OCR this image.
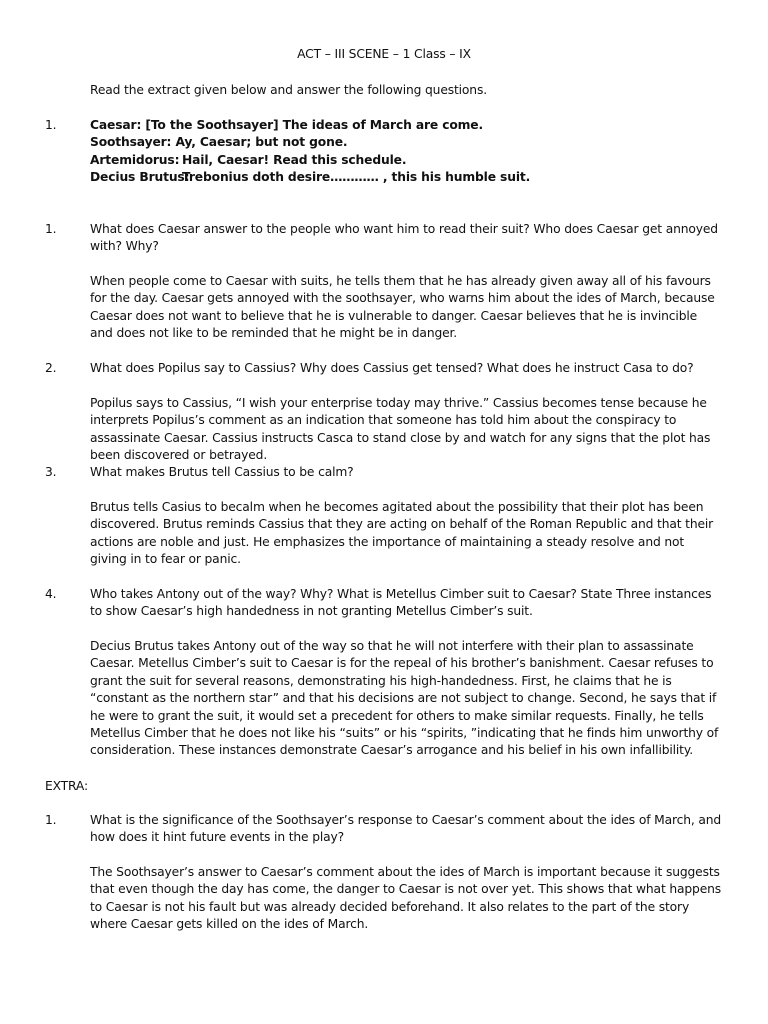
ACT – III SCENE – 1 Class – IX

Read the extract given below and answer the following questions.

1.	Caesar: [To the Soothsayer] The ideas of March are come.
Soothsayer: Ay, Caesar; but not gone.
Artemidorus: Hail, Caesar! Read this schedule.
Decius Brutus:Trebonius doth desire………… , this his humble suit.
1.	What does Caesar answer to the people who want him to read their suit? Who does Caesar get annoyed with? Why?

When people come to Caesar with suits, he tells them that he has already given away all of his favours for the day. Caesar gets annoyed with the soothsayer, who warns him about the ides of March, because Caesar does not want to believe that he is vulnerable to danger. Caesar believes that he is invincible and does not like to be reminded that he might be in danger.

2.	What does Popilus say to Cassius? Why does Cassius get tensed? What does he instruct Casa to do?

Popilus says to Cassius, “I wish your enterprise today may thrive.” Cassius becomes tense because he interprets Popilus’s comment as an indication that someone has told him about the conspiracy to assassinate Caesar. Cassius instructs Casca to stand close by and watch for any signs that the plot has been discovered or betrayed.

3.	What makes Brutus tell Cassius to be calm?

Brutus tells Casius to becalm when he becomes agitated about the possibility that their plot has been discovered. Brutus reminds Cassius that they are acting on behalf of the Roman Republic and that their actions are noble and just. He emphasizes the importance of maintaining a steady resolve and not giving in to fear or panic.

4.	Who takes Antony out of the way? Why? What is Metellus Cimber suit to Caesar? State Three instances to show Caesar’s high handedness in not granting Metellus Cimber’s suit.

Decius Brutus takes Antony out of the way so that he will not interfere with their plan to assassinate Caesar. Metellus Cimber’s suit to Caesar is for the repeal of his brother’s banishment. Caesar refuses to grant the suit for several reasons, demonstrating his high-handedness. First, he claims that he is “constant as the northern star” and that his decisions are not subject to change. Second, he says that if he were to grant the suit, it would set a precedent for others to make similar requests. Finally, he tells Metellus Cimber that he does not like his “suits” or his “spirits, ”indicating that he finds him unworthy of consideration. These instances demonstrate Caesar’s arrogance and his belief in his own infallibility.

EXTRA:
1.	What is the significance of the Soothsayer’s response to Caesar’s comment about the ides of March, and how does it hint future events in the play?

The Soothsayer’s answer to Caesar’s comment about the ides of March is important because it suggests that even though the day has come, the danger to Caesar is not over yet. This shows that what happens to Caesar is not his fault but was already decided beforehand. It also relates to the part of the story where Caesar gets killed on the ides of March.
